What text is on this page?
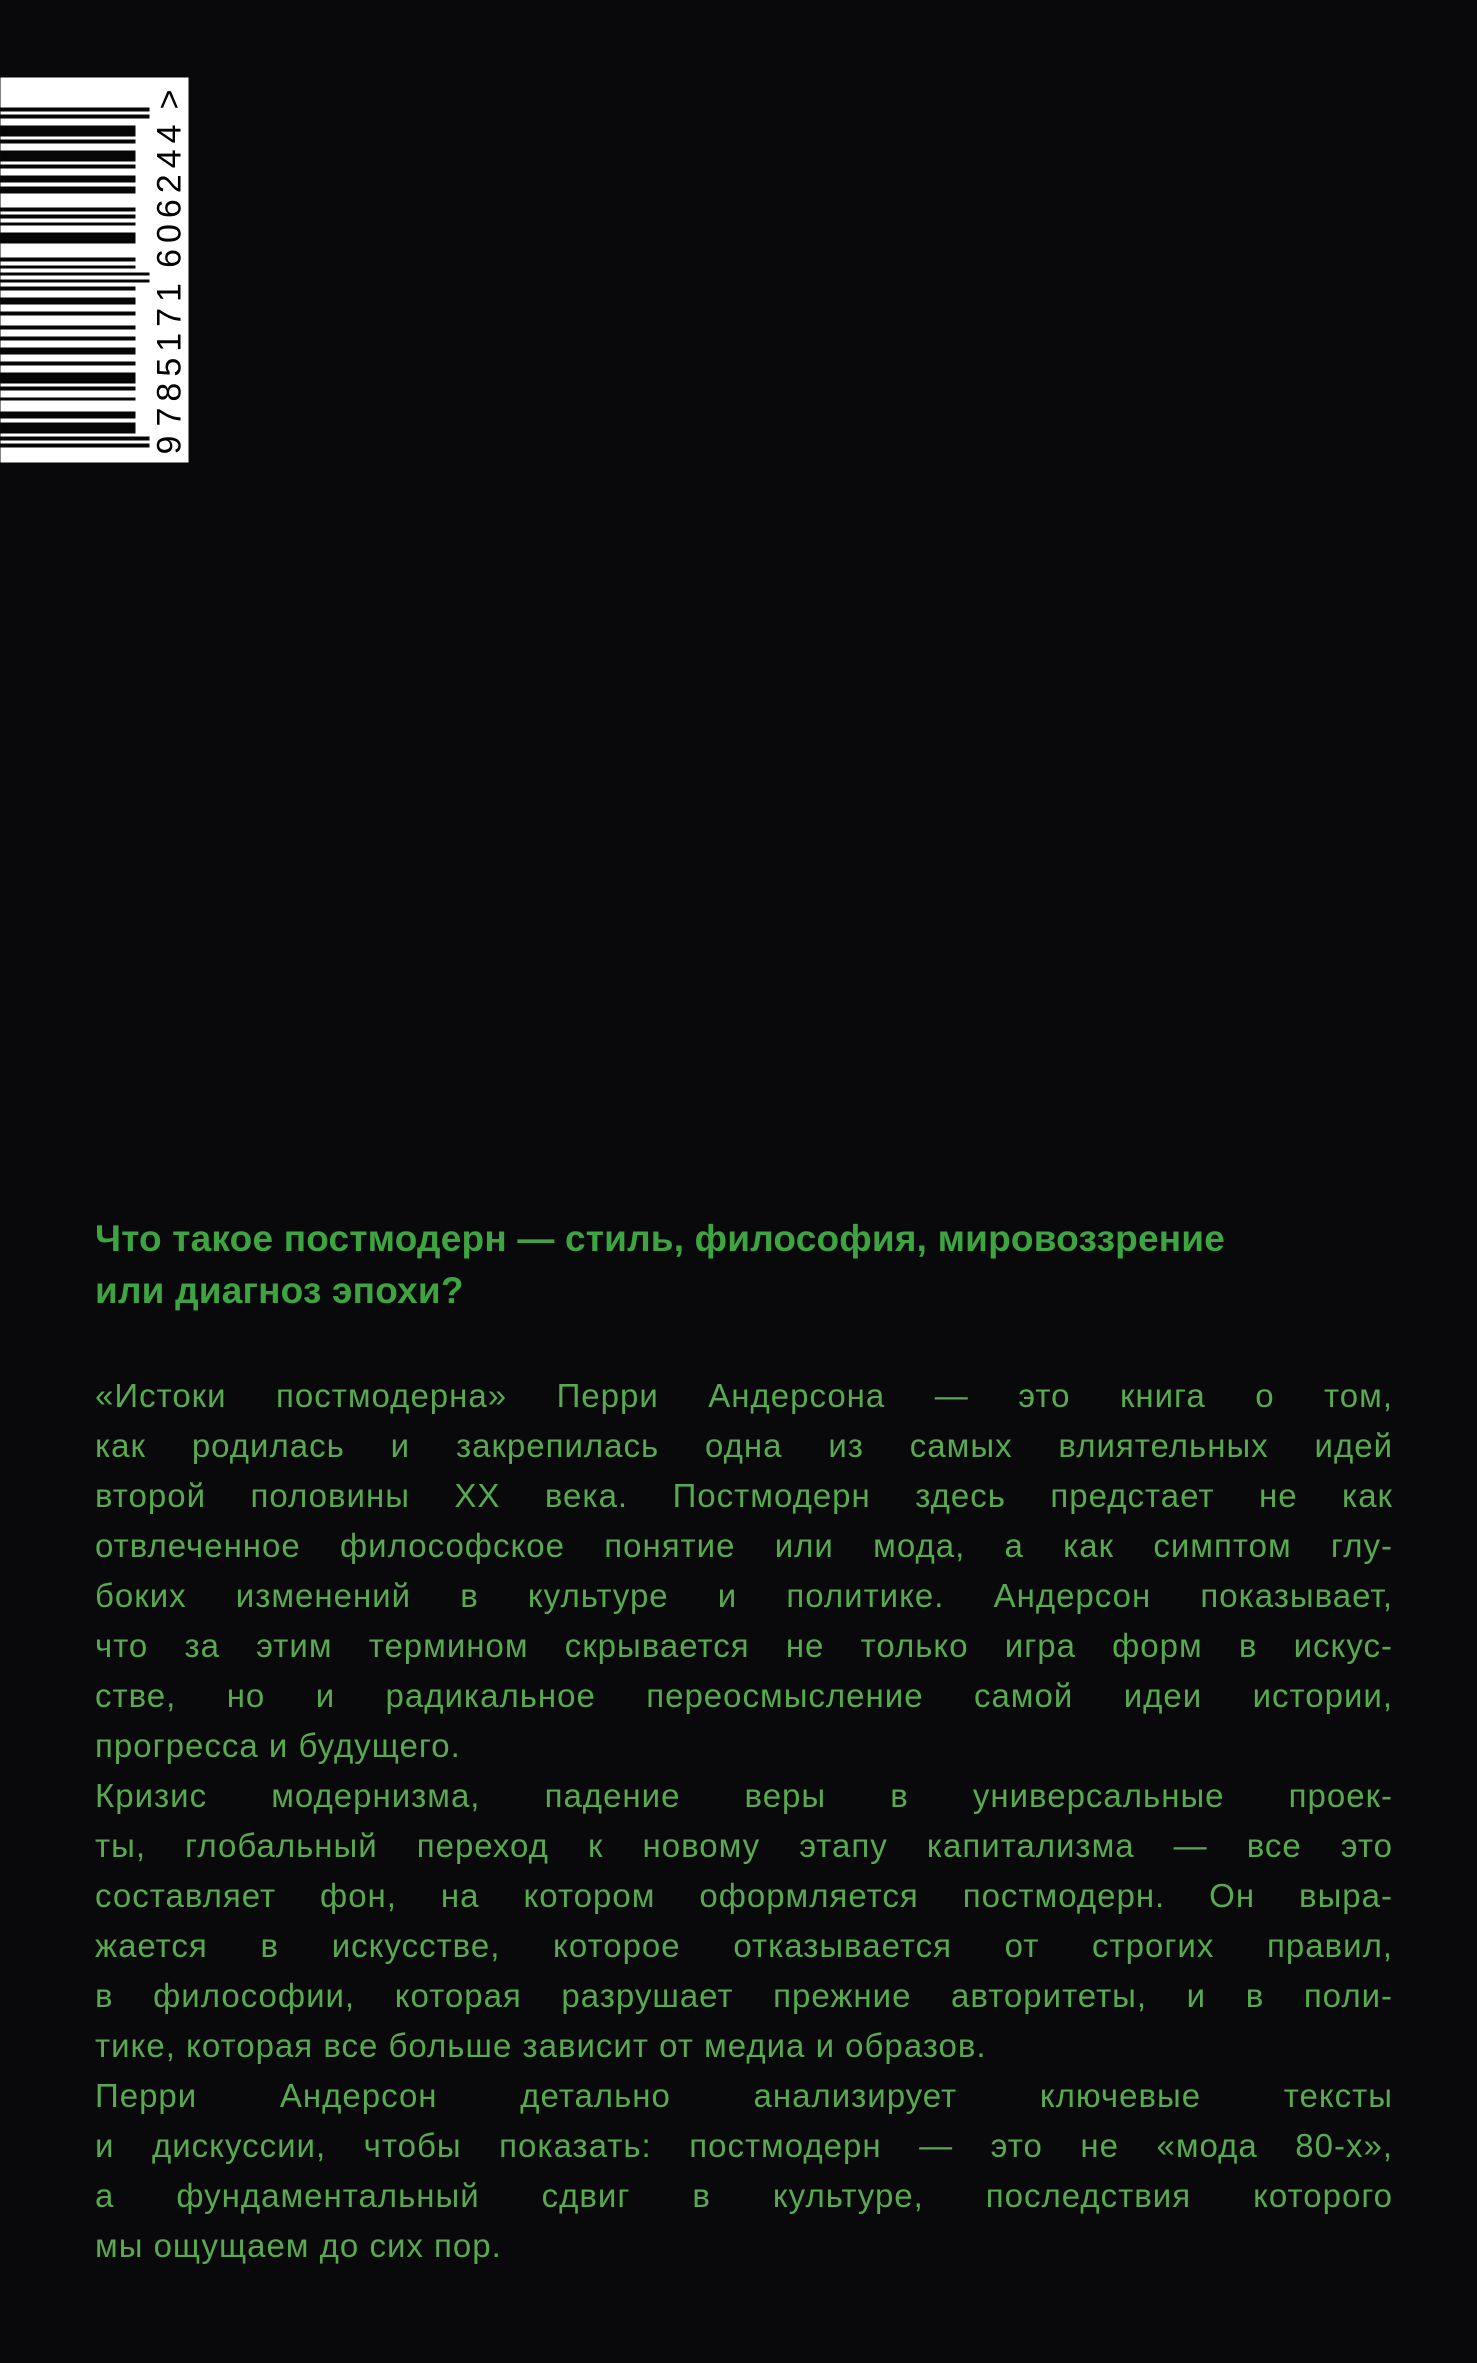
9
785171
606244
>
Что такое постмодерн — стиль, философия, мировоззрение
или диагноз эпохи?
«Истоки постмодерна» Перри Андерсона — это книга о том,
как родилась и закрепилась одна из самых влиятельных идей
второй половины ХХ века. Постмодерн здесь предстает не как
отвлеченное философское понятие или мода, а как симптом глу-
боких изменений в культуре и политике. Андерсон показывает,
что за этим термином скрывается не только игра форм в искус-
стве, но и радикальное переосмысление самой идеи истории,
прогресса и будущего.
Кризис модернизма, падение веры в универсальные проек-
ты, глобальный переход к новому этапу капитализма — все это
составляет фон, на котором оформляется постмодерн. Он выра-
жается в искусстве, которое отказывается от строгих правил,
в философии, которая разрушает прежние авторитеты, и в поли-
тике, которая все больше зависит от медиа и образов.
Перри Андерсон детально анализирует ключевые тексты
и дискуссии, чтобы показать: постмодерн — это не «мода 80-х»,
а фундаментальный сдвиг в культуре, последствия которого
мы ощущаем до сих пор.
